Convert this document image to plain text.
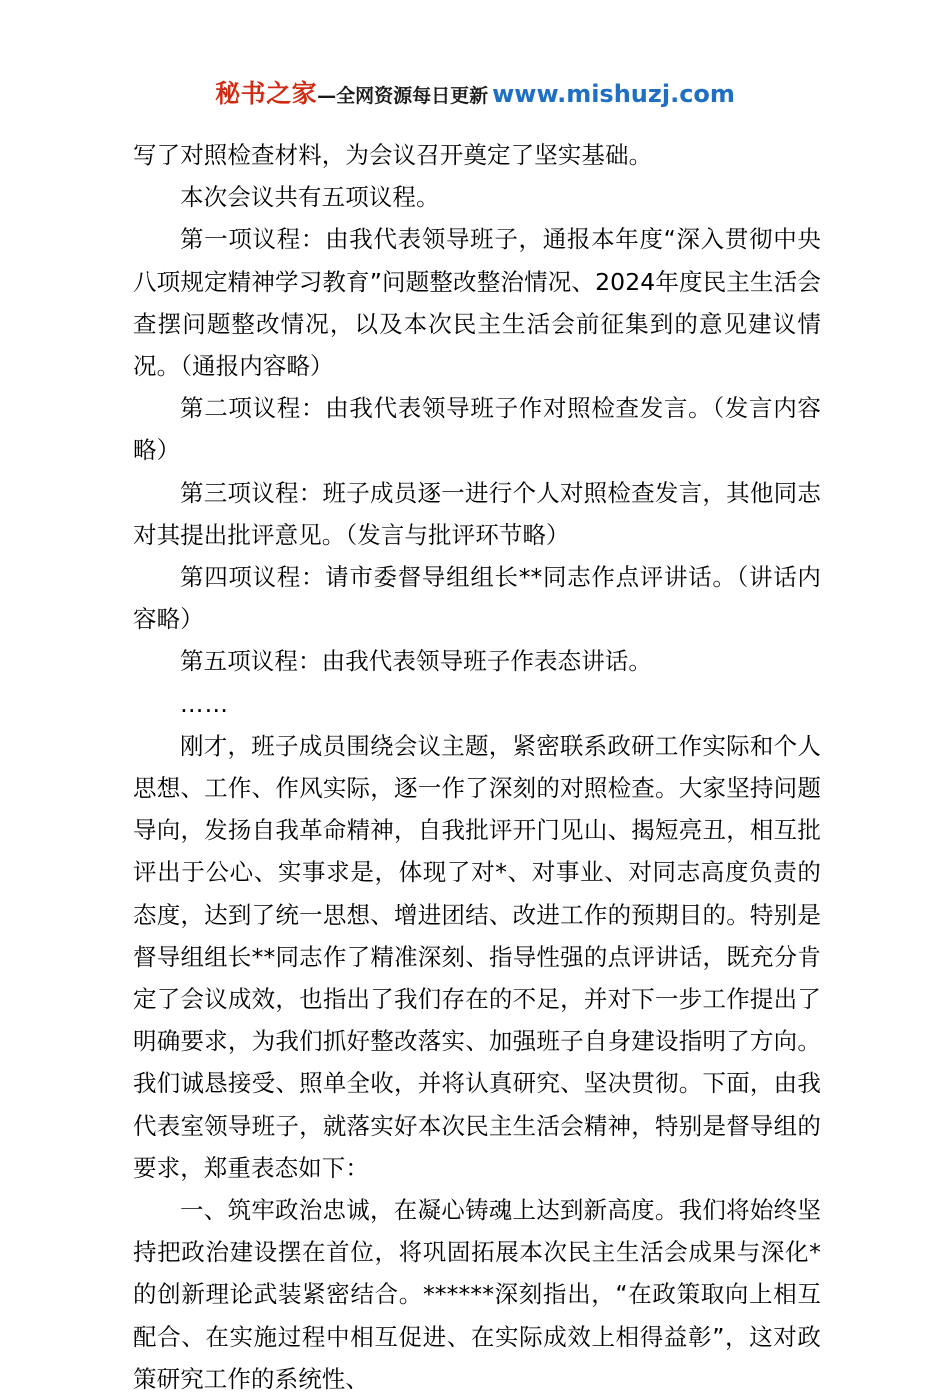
秘书之家—全网资源每日更新 www.mishuzj.com

写了对照检查材料，为会议召开奠定了坚实基础。

本次会议共有五项议程。

第一项议程：由我代表领导班子，通报本年度“深入贯彻中央八项规定精神学习教育”问题整改整治情况、2024年度民主生活会查摆问题整改情况，以及本次民主生活会前征集到的意见建议情况。（通报内容略）

第二项议程：由我代表领导班子作对照检查发言。（发言内容略）

第三项议程：班子成员逐一进行个人对照检查发言，其他同志对其提出批评意见。（发言与批评环节略）

第四项议程：请市委督导组组长**同志作点评讲话。（讲话内容略）

第五项议程：由我代表领导班子作表态讲话。

……

刚才，班子成员围绕会议主题，紧密联系政研工作实际和个人思想、工作、作风实际，逐一作了深刻的对照检查。大家坚持问题导向，发扬自我革命精神，自我批评开门见山、揭短亮丑，相互批评出于公心、实事求是，体现了对*、对事业、对同志高度负责的态度，达到了统一思想、增进团结、改进工作的预期目的。特别是督导组组长**同志作了精准深刻、指导性强的点评讲话，既充分肯定了会议成效，也指出了我们存在的不足，并对下一步工作提出了明确要求，为我们抓好整改落实、加强班子自身建设指明了方向。我们诚恳接受、照单全收，并将认真研究、坚决贯彻。下面，由我代表室领导班子，就落实好本次民主生活会精神，特别是督导组的要求，郑重表态如下：

一、筑牢政治忠诚，在凝心铸魂上达到新高度。我们将始终坚持把政治建设摆在首位，将巩固拓展本次民主生活会成果与深化*的创新理论武装紧密结合。******深刻指出，“在政策取向上相互配合、在实施过程中相互促进、在实际成效上相得益彰”，这对政策研究工作的系统性、
